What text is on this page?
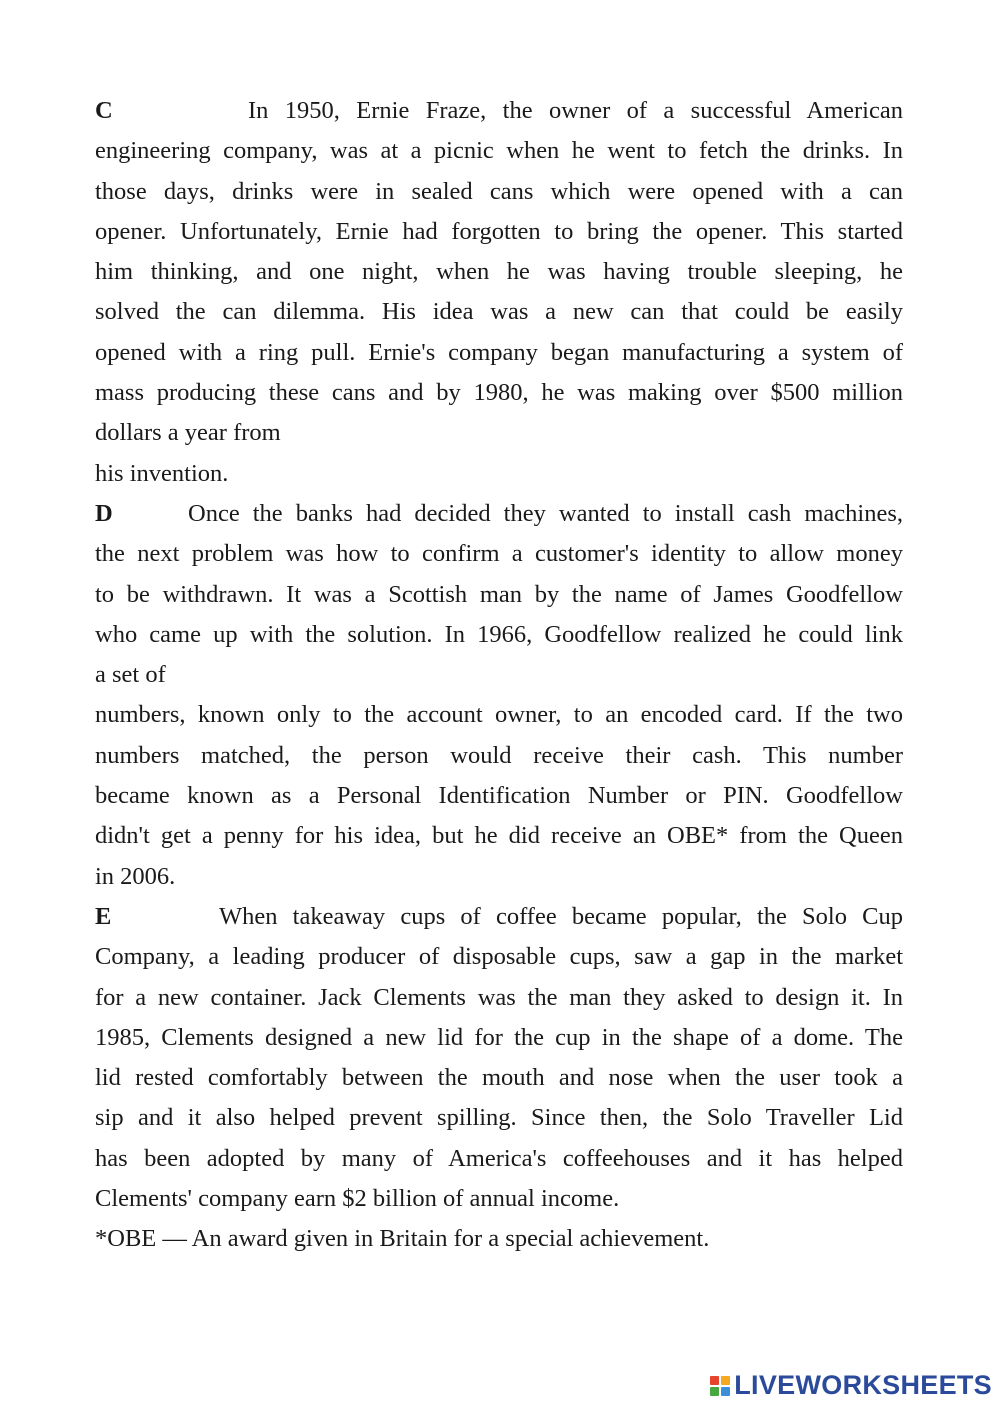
C	In 1950, Ernie Fraze, the owner of a successful American
engineering company, was at a picnic when he went to fetch the drinks. In
those days, drinks were in sealed cans which were opened with a can
opener. Unfortunately, Ernie had forgotten to bring the opener. This started
him thinking, and one night, when he was having trouble sleeping, he
solved the can dilemma. His idea was a new can that could be easily
opened with a ring pull. Ernie's company began manufacturing a system of
mass producing these cans and by 1980, he was making over $500 million
dollars a year from
his invention.
D	Once the banks had decided they wanted to install cash machines,
the next problem was how to confirm a customer's identity to allow money
to be withdrawn. It was a Scottish man by the name of James Goodfellow
who came up with the solution. In 1966, Goodfellow realized he could link
a set of
numbers, known only to the account owner, to an encoded card. If the two
numbers matched, the person would receive their cash. This number
became known as a Personal Identification Number or PIN. Goodfellow
didn't get a penny for his idea, but he did receive an OBE* from the Queen
in 2006.
E	When takeaway cups of coffee became popular, the Solo Cup
Company, a leading producer of disposable cups, saw a gap in the market
for a new container. Jack Clements was the man they asked to design it. In
1985, Clements designed a new lid for the cup in the shape of a dome. The
lid rested comfortably between the mouth and nose when the user took a
sip and it also helped prevent spilling. Since then, the Solo Traveller Lid
has been adopted by many of America's coffeehouses and it has helped
Clements' company earn $2 billion of annual income.

*OBE — An award given in Britain for a special achievement.

LIVEWORKSHEETS
